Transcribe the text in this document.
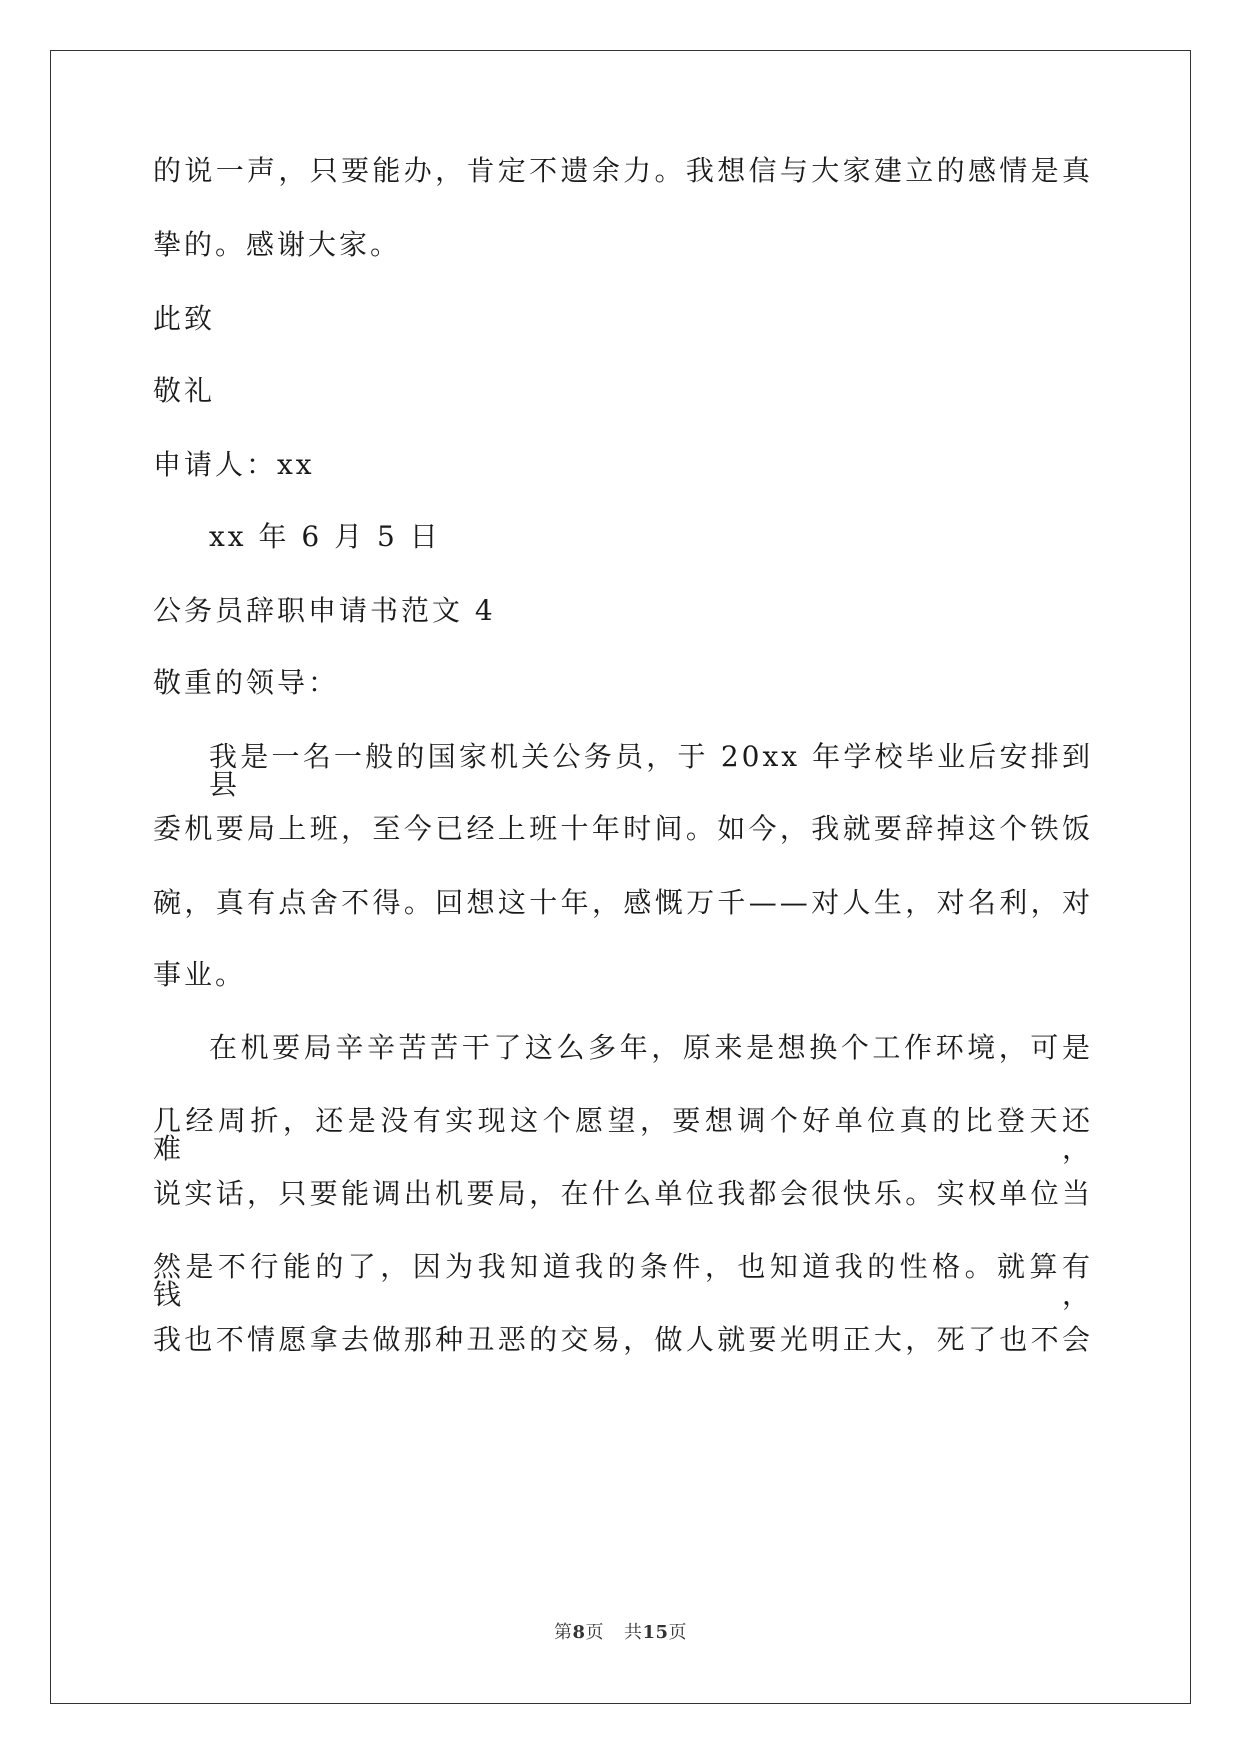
的说一声，只要能办，肯定不遗余力。我想信与大家建立的感情是真
挚的。感谢大家。
此致
敬礼
申请人：xx
xx 年 6 月 5 日
公务员辞职申请书范文 4
敬重的领导：
我是一名一般的国家机关公务员，于 20xx 年学校毕业后安排到县
委机要局上班，至今已经上班十年时间。如今，我就要辞掉这个铁饭
碗，真有点舍不得。回想这十年，感慨万千——对人生，对名利，对
事业。
在机要局辛辛苦苦干了这么多年，原来是想换个工作环境，可是
几经周折，还是没有实现这个愿望，要想调个好单位真的比登天还难，
说实话，只要能调出机要局，在什么单位我都会很快乐。实权单位当
然是不行能的了，因为我知道我的条件，也知道我的性格。就算有钱，
我也不情愿拿去做那种丑恶的交易，做人就要光明正大，死了也不会
第8页 共15页
